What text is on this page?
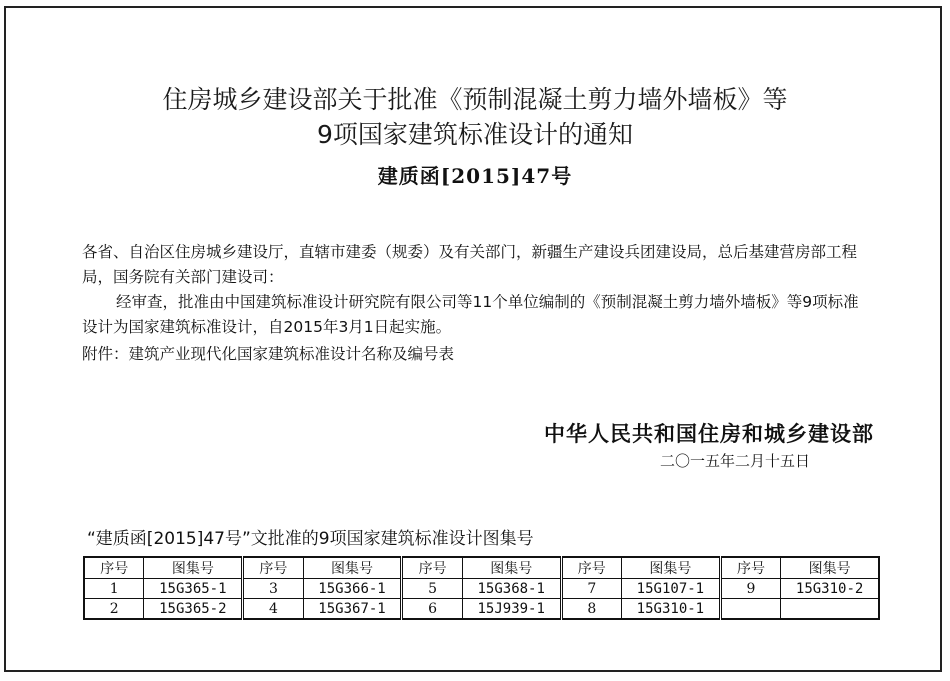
住房城乡建设部关于批准《预制混凝土剪力墙外墙板》等
9项国家建筑标准设计的通知
建质函[2015]47号
各省、自治区住房城乡建设厅，直辖市建委（规委）及有关部门，新疆生产建设兵团建设局，总后基建营房部工程局，国务院有关部门建设司：
经审查，批准由中国建筑标准设计研究院有限公司等11个单位编制的《预制混凝土剪力墙外墙板》等9项标准设计为国家建筑标准设计，自2015年3月1日起实施。
附件：建筑产业现代化国家建筑标准设计名称及编号表
中华人民共和国住房和城乡建设部
二〇一五年二月十五日
“建质函[2015]47号”文批准的9项国家建筑标准设计图集号
序号	图集号	序号	图集号	序号	图集号	序号	图集号	序号	图集号
1	15G365-1	3	15G366-1	5	15G368-1	7	15G107-1	9	15G310-2
2	15G365-2	4	15G367-1	6	15J939-1	8	15G310-1		
